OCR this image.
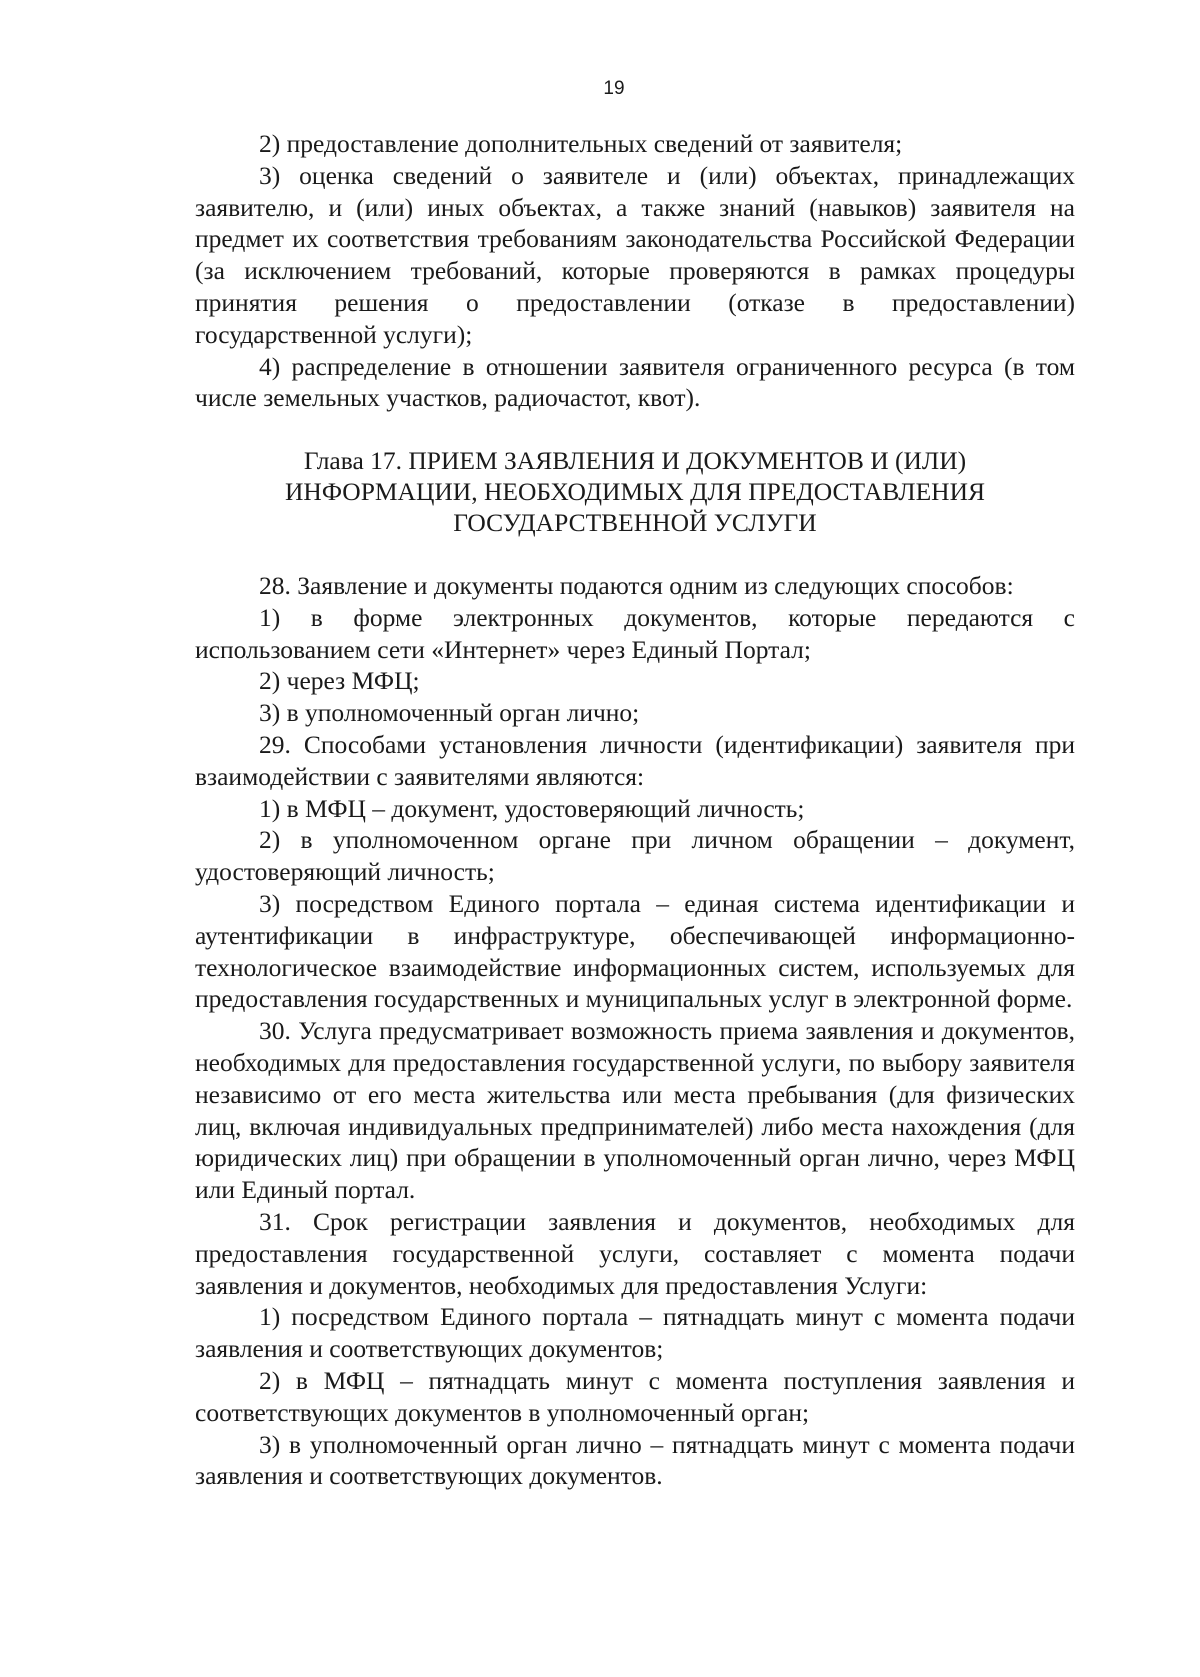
19

2) предоставление дополнительных сведений от заявителя;

3) оценка сведений о заявителе и (или) объектах, принадлежащих заявителю, и (или) иных объектах, а также знаний (навыков) заявителя на предмет их соответствия требованиям законодательства Российской Федерации (за исключением требований, которые проверяются в рамках процедуры принятия решения о предоставлении (отказе в предоставлении) государственной услуги);

4) распределение в отношении заявителя ограниченного ресурса (в том числе земельных участков, радиочастот, квот).

Глава 17. ПРИЕМ ЗАЯВЛЕНИЯ И ДОКУМЕНТОВ И (ИЛИ)
ИНФОРМАЦИИ, НЕОБХОДИМЫХ ДЛЯ ПРЕДОСТАВЛЕНИЯ
ГОСУДАРСТВЕННОЙ УСЛУГИ

28. Заявление и документы подаются одним из следующих способов:

1) в форме электронных документов, которые передаются с использованием сети «Интернет» через Единый Портал;

2) через МФЦ;

3) в уполномоченный орган лично;

29. Способами установления личности (идентификации) заявителя при взаимодействии с заявителями являются:

1) в МФЦ – документ, удостоверяющий личность;

2) в уполномоченном органе при личном обращении – документ, удостоверяющий личность;

3) посредством Единого портала – единая система идентификации и аутентификации в инфраструктуре, обеспечивающей информационно-технологическое взаимодействие информационных систем, используемых для предоставления государственных и муниципальных услуг в электронной форме.

30. Услуга предусматривает возможность приема заявления и документов, необходимых для предоставления государственной услуги, по выбору заявителя независимо от его места жительства или места пребывания (для физических лиц, включая индивидуальных предпринимателей) либо места нахождения (для юридических лиц) при обращении в уполномоченный орган лично, через МФЦ или Единый портал.

31. Срок регистрации заявления и документов, необходимых для предоставления государственной услуги, составляет с момента подачи заявления и документов, необходимых для предоставления Услуги:

1) посредством Единого портала – пятнадцать минут с момента подачи заявления и соответствующих документов;

2) в МФЦ – пятнадцать минут с момента поступления заявления и соответствующих документов в уполномоченный орган;

3) в уполномоченный орган лично – пятнадцать минут с момента подачи заявления и соответствующих документов.
